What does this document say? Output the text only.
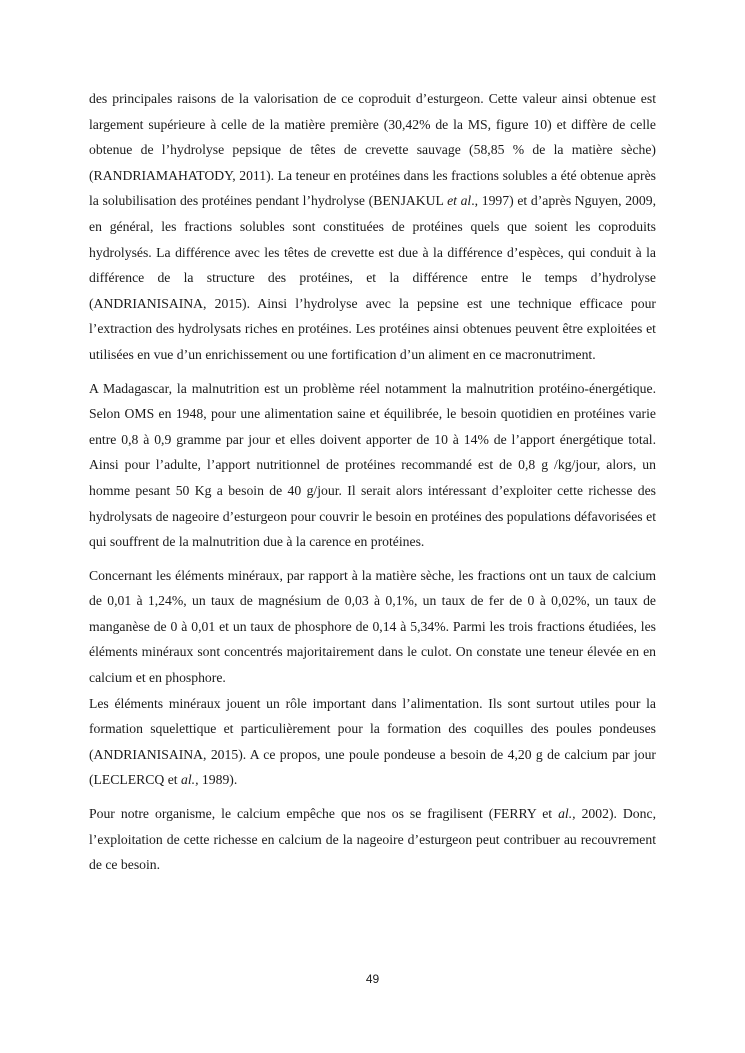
des principales raisons de la valorisation de ce coproduit d’esturgeon. Cette valeur ainsi obtenue est largement supérieure à celle de la matière première (30,42% de la MS, figure 10) et diffère de celle obtenue de l’hydrolyse pepsique de têtes de crevette sauvage (58,85 % de la matière sèche) (RANDRIAMAHATODY, 2011). La teneur en protéines dans les fractions solubles a été obtenue après la solubilisation des protéines pendant l’hydrolyse (BENJAKUL et al., 1997) et d’après Nguyen, 2009, en général, les fractions solubles sont constituées de protéines quels que soient les coproduits hydrolysés. La différence avec les têtes de crevette est due à la différence d’espèces, qui conduit à la différence de la structure des protéines, et la différence entre le temps d’hydrolyse (ANDRIANISAINA, 2015). Ainsi l’hydrolyse avec la pepsine est une technique efficace pour l’extraction des hydrolysats riches en protéines. Les protéines ainsi obtenues peuvent être exploitées et utilisées en vue d’un enrichissement ou une fortification d’un aliment en ce macronutriment.

A Madagascar, la malnutrition est un problème réel notamment la malnutrition protéino-énergétique. Selon OMS en 1948, pour une alimentation saine et équilibrée, le besoin quotidien en protéines varie entre 0,8 à 0,9 gramme par jour et elles doivent apporter de 10 à 14% de l’apport énergétique total. Ainsi pour l’adulte, l’apport nutritionnel de protéines recommandé est de 0,8 g /kg/jour, alors, un homme pesant 50 Kg a besoin de 40 g/jour. Il serait alors intéressant d’exploiter cette richesse des hydrolysats de nageoire d’esturgeon pour couvrir le besoin en protéines des populations défavorisées et qui souffrent de la malnutrition due à la carence en protéines.

Concernant les éléments minéraux, par rapport à la matière sèche, les fractions ont un taux de calcium de 0,01 à 1,24%, un taux de magnésium de 0,03 à 0,1%, un taux de fer de 0 à 0,02%, un taux de manganèse de 0 à 0,01 et un taux de phosphore de 0,14 à 5,34%. Parmi les trois fractions étudiées, les éléments minéraux sont concentrés majoritairement dans le culot. On constate une teneur élevée en en calcium et en phosphore.

Les éléments minéraux jouent un rôle important dans l’alimentation. Ils sont surtout utiles pour la formation squelettique et particulièrement pour la formation des coquilles des poules pondeuses (ANDRIANISAINA, 2015). A ce propos, une poule pondeuse a besoin de 4,20 g de calcium par jour (LECLERCQ et al., 1989).

Pour notre organisme, le calcium empêche que nos os se fragilisent (FERRY et al., 2002). Donc, l’exploitation de cette richesse en calcium de la nageoire d’esturgeon peut contribuer au recouvrement de ce besoin.

49
